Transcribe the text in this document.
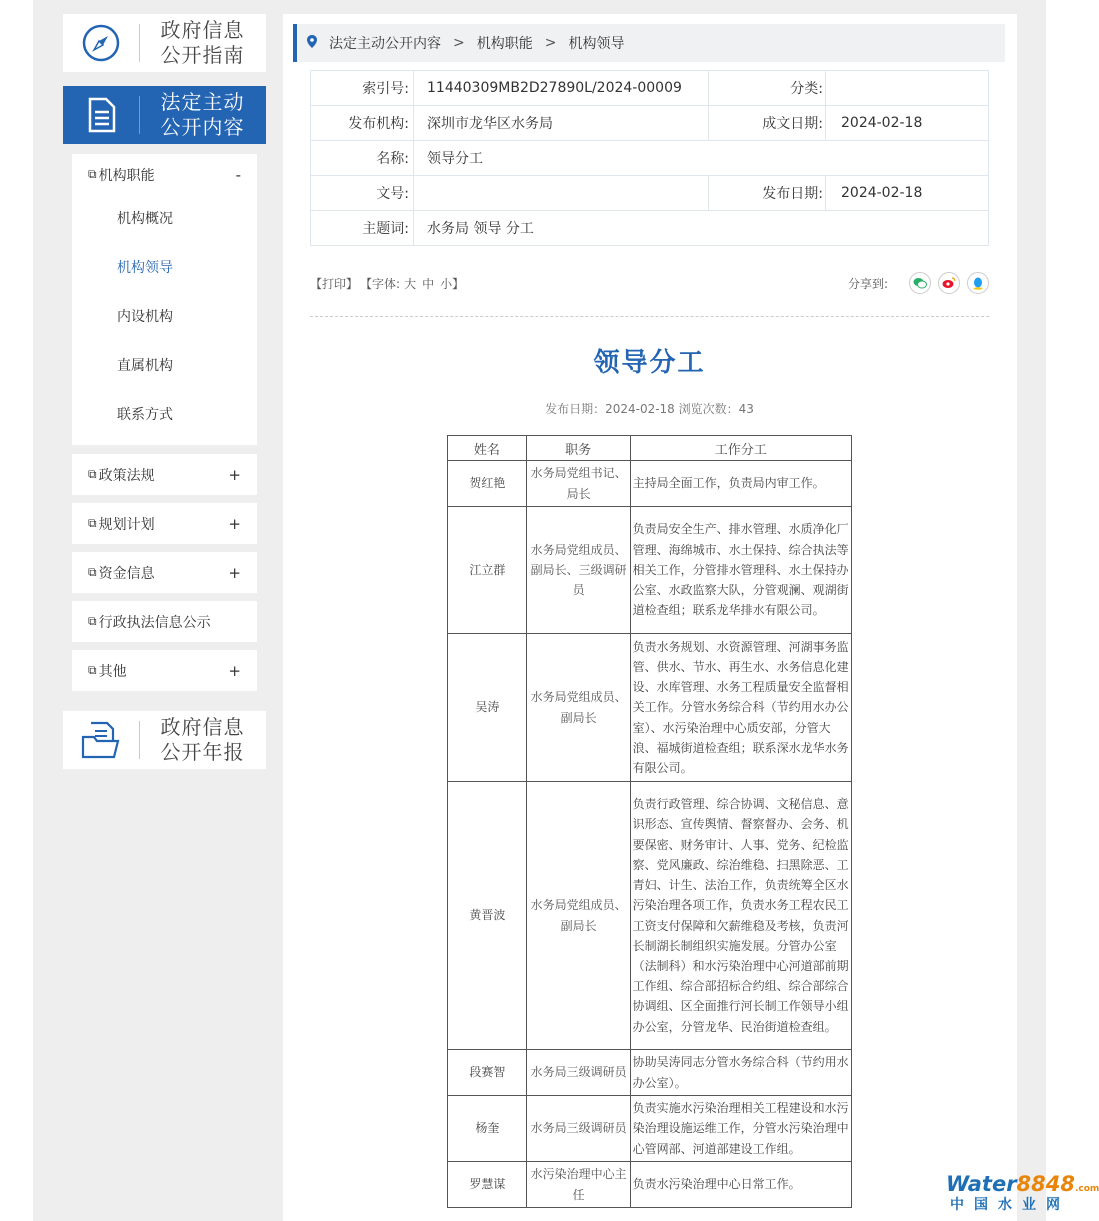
政府信息
公开指南
法定主动
公开内容
⧉ 机构职能	-
机构概况
机构领导
内设机构
直属机构
联系方式
⧉ 政策法规	+
⧉ 规划计划	+
⧉ 资金信息	+
⧉ 行政执法信息公示
⧉ 其他	+
政府信息
公开年报
法定主动公开内容 > 机构职能 > 机构领导
索引号:	11440309MB2D27890L/2024-00009	分类:	
发布机构:	深圳市龙华区水务局	成文日期:	2024-02-18
名称:	领导分工		
文号:		发布日期:	2024-02-18
主题词:	水务局 领导 分工		
【打印】 【字体: 大 中 小】	分享到:
领导分工
发布日期：2024-02-18 浏览次数：43
姓名	职务	工作分工
贺红艳	水务局党组书记、局长	主持局全面工作，负责局内审工作。
江立群	水务局党组成员、副局长、三级调研员	负责局安全生产、排水管理、水质净化厂管理、海绵城市、水土保持、综合执法等相关工作，分管排水管理科、水土保持办公室、水政监察大队，分管观澜、观湖街道检查组；联系龙华排水有限公司。
吴涛	水务局党组成员、副局长	负责水务规划、水资源管理、河湖事务监管、供水、节水、再生水、水务信息化建设、水库管理、水务工程质量安全监督相关工作。分管水务综合科（节约用水办公室）、水污染治理中心质安部，分管大浪、福城街道检查组；联系深水龙华水务有限公司。
黄晋波	水务局党组成员、副局长	负责行政管理、综合协调、文秘信息、意识形态、宣传舆情、督察督办、会务、机要保密、财务审计、人事、党务、纪检监察、党风廉政、综治维稳、扫黑除恶、工青妇、计生、法治工作，负责统筹全区水污染治理各项工作，负责水务工程农民工工资支付保障和欠薪维稳及考核，负责河长制湖长制组织实施发展。分管办公室（法制科）和水污染治理中心河道部前期工作组、综合部招标合约组、综合部综合协调组、区全面推行河长制工作领导小组办公室，分管龙华、民治街道检查组。
段赛智	水务局三级调研员	协助吴涛同志分管水务综合科（节约用水办公室）。
杨奎	水务局三级调研员	负责实施水污染治理相关工程建设和水污染治理设施运维工作，分管水污染治理中心管网部、河道部建设工作组。
罗慧谋	水污染治理中心主任	负责水污染治理中心日常工作。	Water8848.com
中国水业网
